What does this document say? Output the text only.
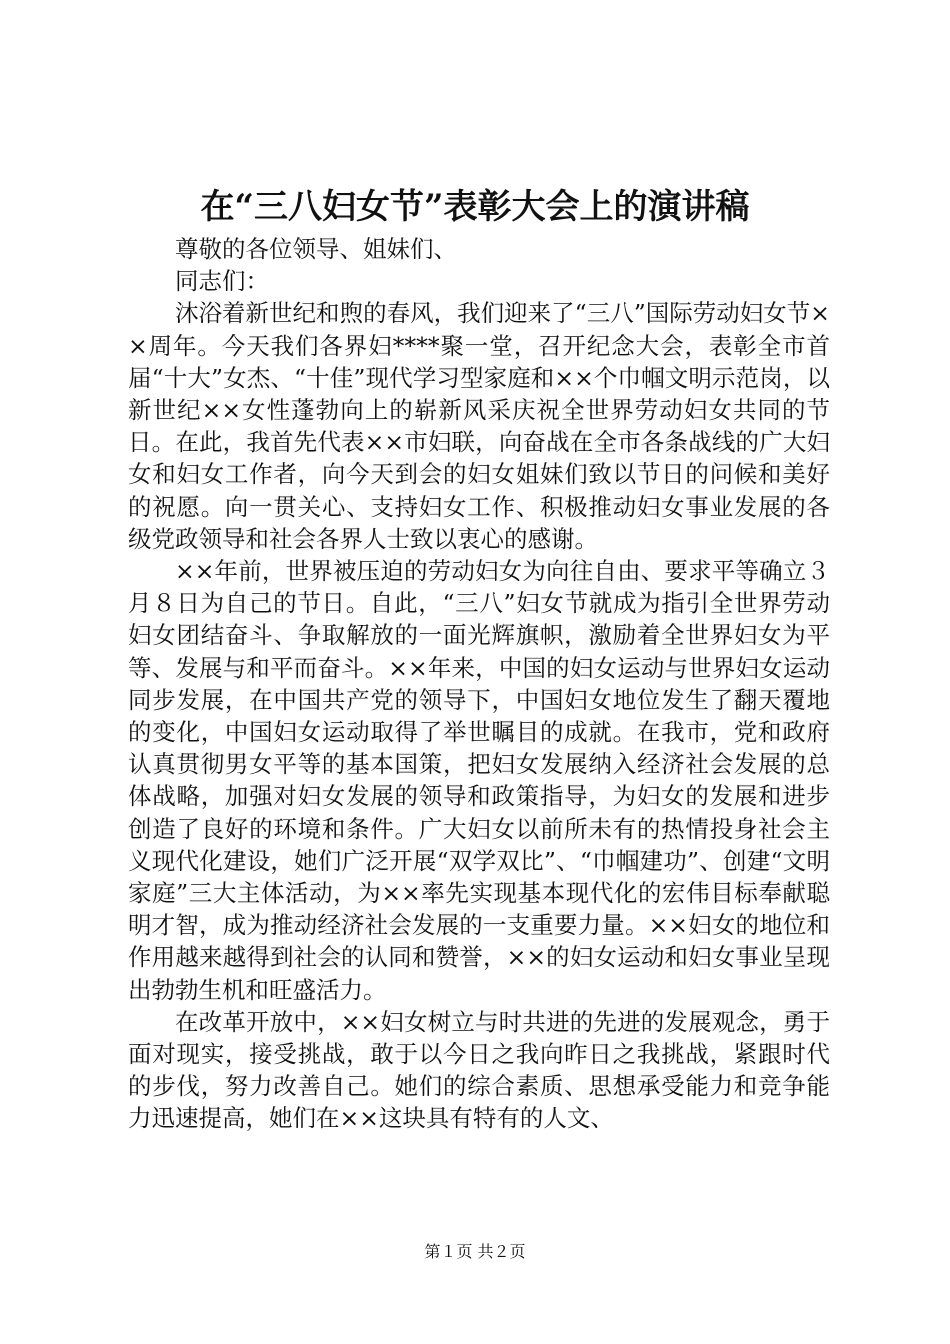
在“三八妇女节”表彰大会上的演讲稿

尊敬的各位领导、姐妹们、

同志们：

沐浴着新世纪和煦的春风，我们迎来了“三八”国际劳动妇女节××周年。今天我们各界妇****聚一堂，召开纪念大会，表彰全市首届“十大”女杰、“十佳”现代学习型家庭和××个巾帼文明示范岗，以新世纪××女性蓬勃向上的崭新风采庆祝全世界劳动妇女共同的节日。在此，我首先代表××市妇联，向奋战在全市各条战线的广大妇女和妇女工作者，向今天到会的妇女姐妹们致以节日的问候和美好的祝愿。向一贯关心、支持妇女工作、积极推动妇女事业发展的各级党政领导和社会各界人士致以衷心的感谢。

××年前，世界被压迫的劳动妇女为向往自由、要求平等确立３月８日为自己的节日。自此，“三八”妇女节就成为指引全世界劳动妇女团结奋斗、争取解放的一面光辉旗帜，激励着全世界妇女为平等、发展与和平而奋斗。××年来，中国的妇女运动与世界妇女运动同步发展，在中国共产党的领导下，中国妇女地位发生了翻天覆地的变化，中国妇女运动取得了举世瞩目的成就。在我市，党和政府认真贯彻男女平等的基本国策，把妇女发展纳入经济社会发展的总体战略，加强对妇女发展的领导和政策指导，为妇女的发展和进步创造了良好的环境和条件。广大妇女以前所未有的热情投身社会主义现代化建设，她们广泛开展“双学双比”、“巾帼建功”、创建“文明家庭”三大主体活动，为××率先实现基本现代化的宏伟目标奉献聪明才智，成为推动经济社会发展的一支重要力量。××妇女的地位和作用越来越得到社会的认同和赞誉，××的妇女运动和妇女事业呈现出勃勃生机和旺盛活力。

在改革开放中，××妇女树立与时共进的先进的发展观念，勇于面对现实，接受挑战，敢于以今日之我向昨日之我挑战，紧跟时代的步伐，努力改善自己。她们的综合素质、思想承受能力和竞争能力迅速提高，她们在××这块具有特有的人文、

第１页 共２页
